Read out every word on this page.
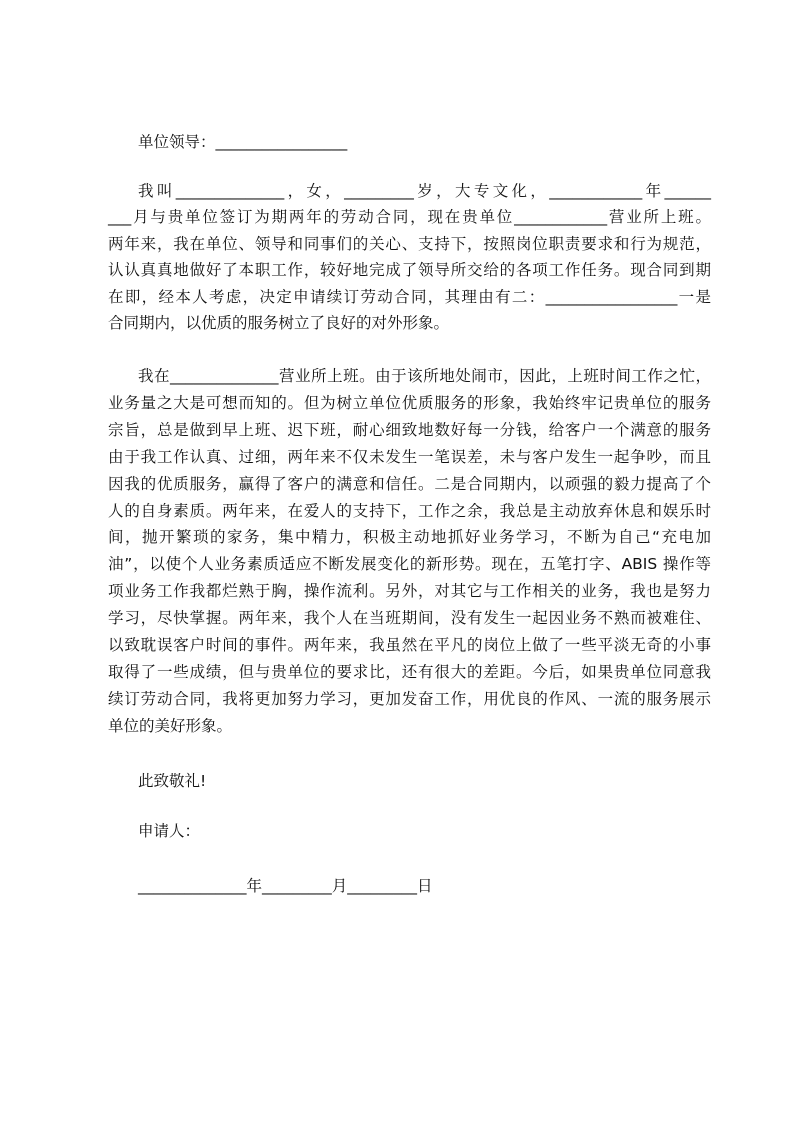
单位领导：_________________
我叫______________，女，_________岁，大专文化，____________年______
___月与贵单位签订为期两年的劳动合同，现在贵单位____________营业所上班。
两年来，我在单位、领导和同事们的关心、支持下，按照岗位职责要求和行为规范，
认认真真地做好了本职工作，较好地完成了领导所交给的各项工作任务。现合同到期
在即，经本人考虑，决定申请续订劳动合同，其理由有二：_________________一是
合同期内，以优质的服务树立了良好的对外形象。
我在______________营业所上班。由于该所地处闹市，因此，上班时间工作之忙，
业务量之大是可想而知的。但为树立单位优质服务的形象，我始终牢记贵单位的服务
宗旨，总是做到早上班、迟下班，耐心细致地数好每一分钱，给客户一个满意的服务
由于我工作认真、过细，两年来不仅未发生一笔误差，未与客户发生一起争吵，而且
因我的优质服务，赢得了客户的满意和信任。二是合同期内，以顽强的毅力提高了个
人的自身素质。两年来，在爱人的支持下，工作之余，我总是主动放弃休息和娱乐时
间，抛开繁琐的家务，集中精力，积极主动地抓好业务学习，不断为自己“充电加
油”，以使个人业务素质适应不断发展变化的新形势。现在，五笔打字、ABIS 操作等
项业务工作我都烂熟于胸，操作流利。另外，对其它与工作相关的业务，我也是努力
学习，尽快掌握。两年来，我个人在当班期间，没有发生一起因业务不熟而被难住、
以致耽误客户时间的事件。两年来，我虽然在平凡的岗位上做了一些平淡无奇的小事
取得了一些成绩，但与贵单位的要求比，还有很大的差距。今后，如果贵单位同意我
续订劳动合同，我将更加努力学习，更加发奋工作，用优良的作风、一流的服务展示
单位的美好形象。
此致敬礼!
申请人：
______________年_________月_________日
